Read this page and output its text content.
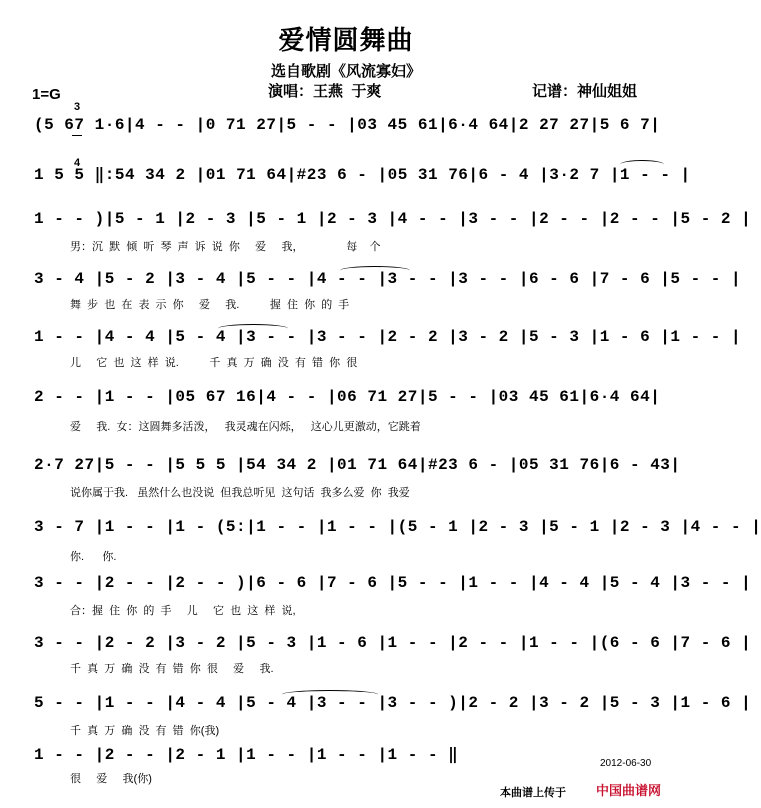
爱情圆舞曲
选自歌剧《风流寡妇》
演唱：王燕  于爽	记谱：神仙姐姐
1=G

3

4

(5 67 1·6|4 - - |0 71 27|5 - - |03 45 61|6·4 64|2 27 27|5 6 7|
1 5 5 ‖:54 34 2 |01 71 64|#23 6 - |05 31 76|6 - 4 |3·2 7 |1 - - |
1 - - )|5 - 1 |2 - 3 |5 - 1 |2 - 3 |4 - - |3 - - |2 - - |2 - - |5 - 2 |
男：沉  默  倾  听  琴  声  诉  说  你     爱     我，              每    个
3 - 4 |5 - 2 |3 - 4 |5 - - |4 - - |3 - - |3 - - |6 - 6 |7 - 6 |5 - - |
舞  步  也  在  表  示  你     爱     我.          握  住  你  的  手
1 - - |4 - 4 |5 - 4 |3 - - |3 - - |2 - 2 |3 - 2 |5 - 3 |1 - 6 |1 - - |
儿     它  也  这  样  说.          千  真  万  确  没  有  错  你  很
2 - - |1 - - |05 67 16|4 - - |06 71 27|5 - - |03 45 61|6·4 64|
爱     我.  女：这圆舞多活泼，   我灵魂在闪烁，   这心儿更激动，它跳着
2·7 27|5 - - |5 5 5 |54 34 2 |01 71 64|#23 6 - |05 31 76|6 - 43|
说你属于我.   虽然什么也没说  但我总听见  这句话  我多么爱  你  我爱
3 - 7 |1 - - |1 - (5:|1 - - |1 - - |(5 - 1 |2 - 3 |5 - 1 |2 - 3 |4 - - |
你.      你.
3 - - |2 - - |2 - - )|6 - 6 |7 - 6 |5 - - |1 - - |4 - 4 |5 - 4 |3 - - |
合：握  住  你  的  手     儿     它  也  这  样  说,
3 - - |2 - 2 |3 - 2 |5 - 3 |1 - 6 |1 - - |2 - - |1 - - |(6 - 6 |7 - 6 |
千  真  万  确  没  有  错  你  很     爱     我.
5 - - |1 - - |4 - 4 |5 - 4 |3 - - |3 - - )|2 - 2 |3 - 2 |5 - 3 |1 - 6 |
千  真  万  确  没  有  错  你(我)
1 - - |2 - - |2 - 1 |1 - - |1 - - |1 - - ‖
很     爱     我(你)
2012-06-30
本曲谱上传于 中国曲谱网
